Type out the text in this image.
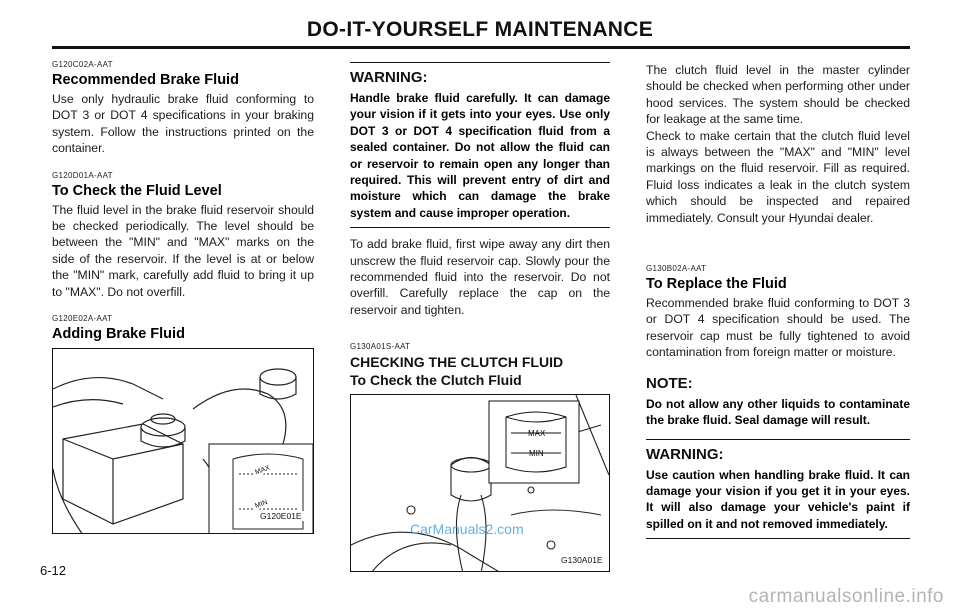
DO-IT-YOURSELF MAINTENANCE
G120C02A-AAT
Recommended Brake Fluid
Use only hydraulic brake fluid conforming to DOT 3 or DOT 4 specifications in your braking system. Follow the instructions printed on the container.
G120D01A-AAT
To Check the Fluid Level
The fluid level in the brake fluid reservoir should be checked periodically. The level should be between the "MIN" and "MAX" marks on the side of the reservoir. If the level is at or below the "MIN" mark, carefully add fluid to bring it up to "MAX". Do not overfill.
G120E02A-AAT
Adding Brake Fluid
MAX
MIN
G120E01E
WARNING:
Handle brake fluid carefully. It can damage your vision if it gets into your eyes. Use only DOT 3 or DOT 4 specification fluid from a sealed container. Do not allow the fluid can or reservoir to remain open any longer than required. This will prevent entry of dirt and moisture which can damage the brake system and cause improper operation.
To add brake fluid, first wipe away any dirt then unscrew the fluid reservoir cap. Slowly pour the recommended fluid into the reservoir. Do not overfill. Carefully replace the cap on the reservoir and tighten.
G130A01S-AAT
CHECKING THE CLUTCH FLUID
To Check the Clutch Fluid
MAX
MIN
G130A01E
The clutch fluid level in the master cylinder should be checked when performing other under hood services. The system should be checked for leakage at the same time.
Check to make certain that the clutch fluid level is always between the "MAX" and "MIN" level markings on the fluid reservoir. Fill as required. Fluid loss indicates a leak in the clutch system which should be inspected and repaired immediately. Consult your Hyundai dealer.
G130B02A-AAT
To Replace the Fluid
Recommended brake fluid conforming to DOT 3 or DOT 4 specification should be used. The reservoir cap must be fully tightened to avoid contamination from foreign matter or moisture.
NOTE:
Do not allow any other liquids to contaminate the brake fluid. Seal damage will result.
WARNING:
Use caution when handling brake fluid. It can damage your vision if you get it in your eyes. It will also damage your vehicle's paint if spilled on it and not removed immediately.
CarManuals2.com
6-12
carmanualsonline.info
